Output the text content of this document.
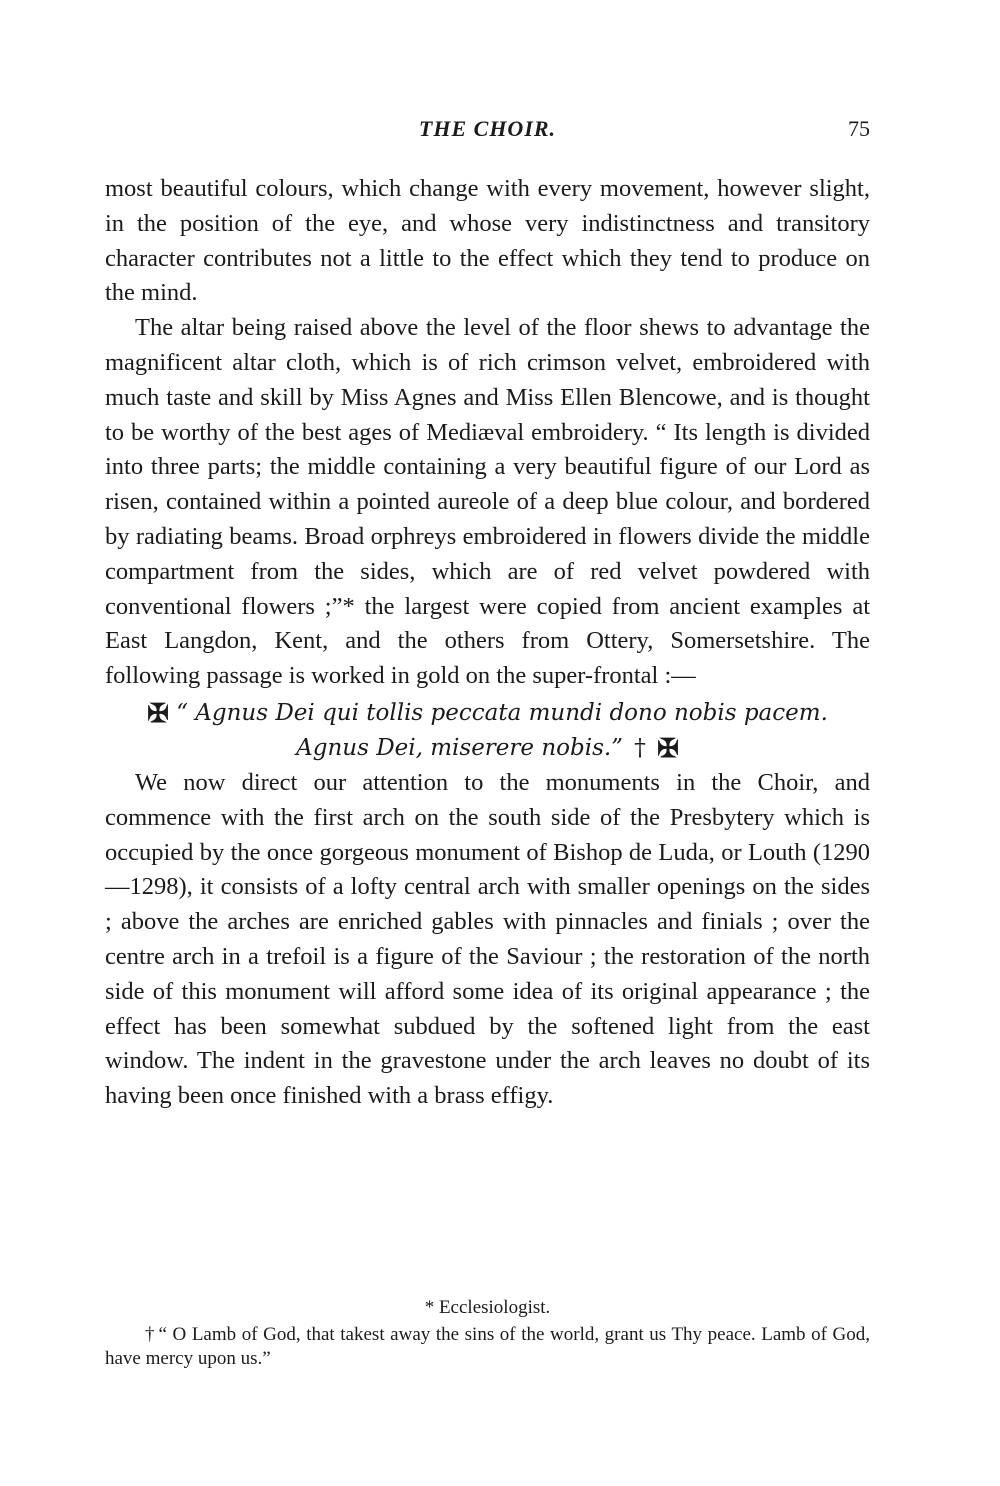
THE CHOIR.	75

most beautiful colours, which change with every movement, however slight, in the position of the eye, and whose very indistinctness and transitory character contributes not a little to the effect which they tend to produce on the mind.

The altar being raised above the level of the floor shews to advantage the magnificent altar cloth, which is of rich crimson velvet, embroidered with much taste and skill by Miss Agnes and Miss Ellen Blencowe, and is thought to be worthy of the best ages of Mediæval embroidery. “ Its length is divided into three parts; the middle containing a very beautiful figure of our Lord as risen, contained within a pointed aureole of a deep blue colour, and bordered by radiating beams. Broad orphreys embroidered in flowers divide the middle compartment from the sides, which are of red velvet powdered with conventional flowers ;”* the largest were copied from ancient examples at East Langdon, Kent, and the others from Ottery, Somersetshire. The following passage is worked in gold on the super-frontal :—

✠ “ Agnus Dei qui tollis peccata mundi dono nobis pacem.
Agnus Dei, miserere nobis.” † ✠

We now direct our attention to the monuments in the Choir, and commence with the first arch on the south side of the Presbytery which is occupied by the once gorgeous monument of Bishop de Luda, or Louth (1290—1298), it consists of a lofty central arch with smaller openings on the sides ; above the arches are enriched gables with pinnacles and finials ; over the centre arch in a trefoil is a figure of the Saviour ; the restoration of the north side of this monument will afford some idea of its original appearance ; the effect has been somewhat subdued by the softened light from the east window. The indent in the gravestone under the arch leaves no doubt of its having been once finished with a brass effigy.

* Ecclesiologist.

† “ O Lamb of God, that takest away the sins of the world, grant us Thy peace. Lamb of God, have mercy upon us.”
